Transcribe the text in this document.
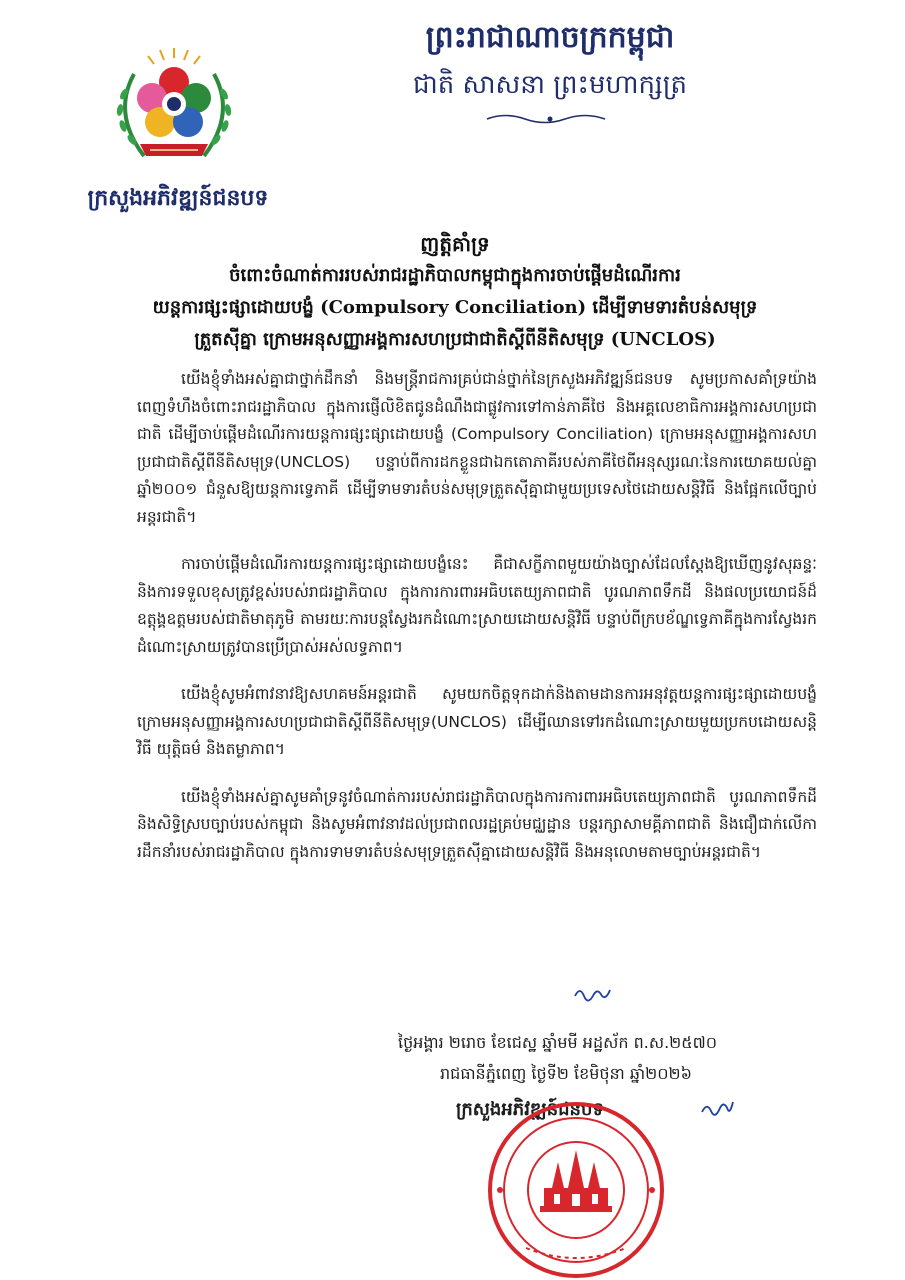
ព្រះរាជាណាចក្រកម្ពុជា
ជាតិ សាសនា ព្រះមហាក្សត្រ
ក្រសួងអភិវឌ្ឍន៍ជនបទ
ញត្តិគាំទ្រ
ចំពោះចំណាត់ការរបស់រាជរដ្ឋាភិបាលកម្ពុជាក្នុងការចាប់ផ្តើមដំណើរការ
យន្តការផ្សះផ្សាដោយបង្ខំ (Compulsory Conciliation) ដើម្បីទាមទារតំបន់សមុទ្រ
ត្រួតស៊ីគ្នា ក្រោមអនុសញ្ញាអង្គការសហប្រជាជាតិស្តីពីនីតិសមុទ្រ (UNCLOS)

យើងខ្ញុំទាំងអស់គ្នាជាថ្នាក់ដឹកនាំ និងមន្ត្រីរាជការគ្រប់ជាន់ថ្នាក់នៃក្រសួងអភិវឌ្ឍន៍ជនបទ សូមប្រកាសគាំទ្រយ៉ាងពេញទំហឹងចំពោះរាជរដ្ឋាភិបាល ក្នុងការផ្ញើលិខិតជូនដំណឹងជាផ្លូវការទៅកាន់ភាគីថៃ និងអគ្គលេខាធិការអង្គការសហប្រជាជាតិ ដើម្បីចាប់ផ្តើមដំណើរការយន្តការផ្សះផ្សាដោយបង្ខំ (Compulsory Conciliation) ក្រោមអនុសញ្ញាអង្គការសហប្រជាជាតិស្តីពីនីតិសមុទ្រ(UNCLOS) បន្ទាប់ពីការដកខ្លួនជាឯកតោភាគីរបស់ភាគីថៃពីអនុស្សរណៈនៃការយោគយល់គ្នាឆ្នាំ២០០១ ជំនួសឱ្យយន្តការទ្វេភាគី ដើម្បីទាមទារតំបន់សមុទ្រត្រួតស៊ីគ្នាជាមួយប្រទេសថៃដោយសន្តិវិធី និងផ្អែកលើច្បាប់អន្តរជាតិ។

ការចាប់ផ្តើមដំណើរការយន្តការផ្សះផ្សាដោយបង្ខំនេះ គឺជាសក្ខីភាពមួយយ៉ាងច្បាស់ដែលស្តែងឱ្យឃើញនូវសុឆន្ទៈ និងការទទួលខុសត្រូវខ្ពស់របស់រាជរដ្ឋាភិបាល ក្នុងការការពារអធិបតេយ្យភាពជាតិ បូរណភាពទឹកដី និងផលប្រយោជន៍ដ៏ឧត្តុង្គឧត្តមរបស់ជាតិមាតុភូមិ តាមរយៈការបន្តស្វែងរកដំណោះស្រាយដោយសន្តិវិធី បន្ទាប់ពីក្របខ័ណ្ឌទ្វេភាគីក្នុងការស្វែងរកដំណោះស្រាយត្រូវបានប្រើប្រាស់អស់លទ្ធភាព។

យើងខ្ញុំសូមអំពាវនាវឱ្យសហគមន៍អន្តរជាតិ សូមយកចិត្តទុកដាក់និងតាមដានការអនុវត្តយន្តការផ្សះផ្សាដោយបង្ខំ ក្រោមអនុសញ្ញាអង្គការសហប្រជាជាតិស្តីពីនីតិសមុទ្រ(UNCLOS) ដើម្បីឈានទៅរកដំណោះស្រាយមួយប្រកបដោយសន្តិវិធី យុត្តិធម៌ និងតម្លាភាព។

យើងខ្ញុំទាំងអស់គ្នាសូមគាំទ្រនូវចំណាត់ការរបស់រាជរដ្ឋាភិបាលក្នុងការការពារអធិបតេយ្យភាពជាតិ បូរណភាពទឹកដី និងសិទ្ធិស្របច្បាប់របស់កម្ពុជា និងសូមអំពាវនាវដល់ប្រជាពលរដ្ឋគ្រប់មជ្ឈដ្ឋាន បន្តរក្សាសាមគ្គីភាពជាតិ និងជឿជាក់លើការដឹកនាំរបស់រាជរដ្ឋាភិបាល ក្នុងការទាមទារតំបន់សមុទ្រត្រួតស៊ីគ្នាដោយសន្តិវិធី និងអនុលោមតាមច្បាប់អន្តរជាតិ។

ថ្ងៃអង្គារ ២រោច ខែជេស្ឋ ឆ្នាំមមី អដ្ឋស័ក ព.ស.២៥៧០
រាជធានីភ្នំពេញ ថ្ងៃទី២ ខែមិថុនា ឆ្នាំ២០២៦
ក្រសួងអភិវឌ្ឍន៍ជនបទ
